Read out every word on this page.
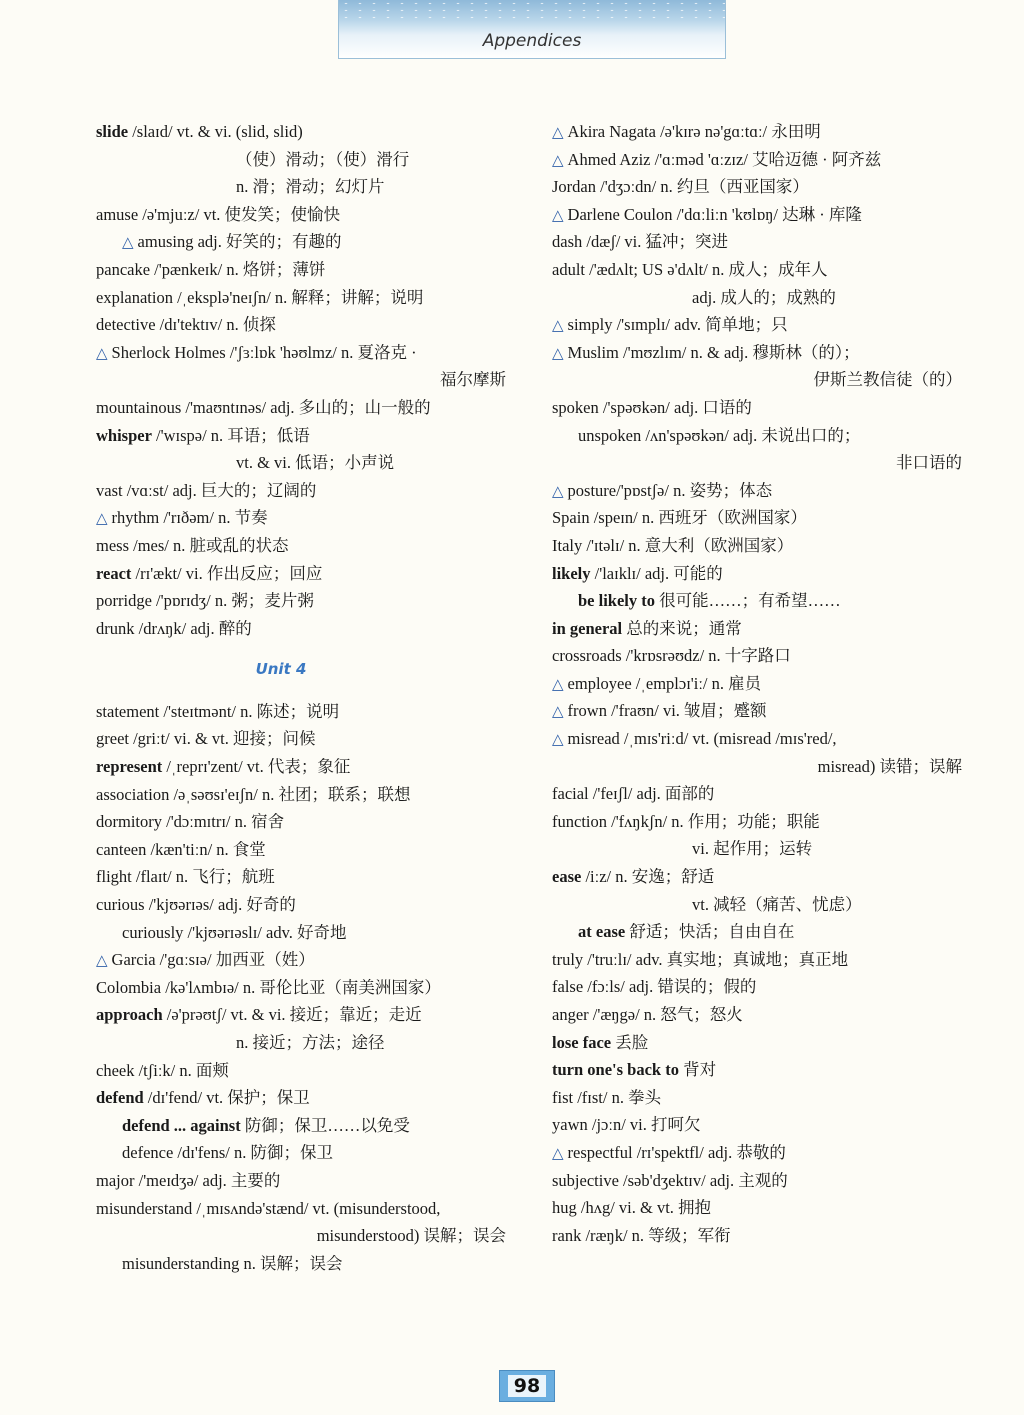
Appendices
slide /slaɪd/ vt. & vi. (slid, slid)
（使）滑动；（使）滑行
n. 滑；滑动；幻灯片
amuse /ə'mjuːz/ vt. 使发笑；使愉快
△ amusing adj. 好笑的；有趣的
pancake /'pænkeɪk/ n. 烙饼；薄饼
explanation /ˌeksplə'neɪʃn/ n. 解释；讲解；说明
detective /dɪ'tektɪv/ n. 侦探
△ Sherlock Holmes /'ʃɜːlɒk 'həʊlmz/ n. 夏洛克 ·
福尔摩斯
mountainous /'maʊntɪnəs/ adj. 多山的；山一般的
whisper /'wɪspə/ n. 耳语；低语
vt. & vi. 低语；小声说
vast /vɑːst/ adj. 巨大的；辽阔的
△ rhythm /'rɪðəm/ n. 节奏
mess /mes/ n. 脏或乱的状态
react /rɪ'ækt/ vi. 作出反应；回应
porridge /'pɒrɪdʒ/ n. 粥；麦片粥
drunk /drʌŋk/ adj. 醉的
Unit 4
statement /'steɪtmənt/ n. 陈述；说明
greet /griːt/ vi. & vt. 迎接；问候
represent /ˌreprɪ'zent/ vt. 代表；象征
association /əˌsəʊsɪ'eɪʃn/ n. 社团；联系；联想
dormitory /'dɔːmɪtrɪ/ n. 宿舍
canteen /kæn'tiːn/ n. 食堂
flight /flaɪt/ n. 飞行；航班
curious /'kjʊərɪəs/ adj. 好奇的
curiously /'kjʊərɪəslɪ/ adv. 好奇地
△ Garcia /'gɑːsɪə/ 加西亚（姓）
Colombia /kə'lʌmbɪə/ n. 哥伦比亚（南美洲国家）
approach /ə'prəʊtʃ/ vt. & vi. 接近；靠近；走近
n. 接近；方法；途径
cheek /tʃiːk/ n. 面颊
defend /dɪ'fend/ vt. 保护；保卫
defend ... against 防御；保卫……以免受
defence /dɪ'fens/ n. 防御；保卫
major /'meɪdʒə/ adj. 主要的
misunderstand /ˌmɪsʌndə'stænd/ vt. (misunderstood,
misunderstood) 误解；误会
misunderstanding n. 误解；误会
△ Akira Nagata /ə'kɪrə nə'gɑːtɑː/ 永田明
△ Ahmed Aziz /'ɑːməd 'ɑːzɪz/ 艾哈迈德 · 阿齐兹
Jordan /'dʒɔːdn/ n. 约旦（西亚国家）
△ Darlene Coulon /'dɑːliːn 'kʊlɒŋ/ 达琳 · 库隆
dash /dæʃ/ vi. 猛冲；突进
adult /'ædʌlt; US ə'dʌlt/ n. 成人；成年人
adj. 成人的；成熟的
△ simply /'sɪmplɪ/ adv. 简单地；只
△ Muslim /'mʊzlɪm/ n. & adj. 穆斯林（的）；
伊斯兰教信徒（的）
spoken /'spəʊkən/ adj. 口语的
unspoken /ʌn'spəʊkən/ adj. 未说出口的；
非口语的
△ posture/'pɒstʃə/ n. 姿势；体态
Spain /speɪn/ n. 西班牙（欧洲国家）
Italy /'ɪtəlɪ/ n. 意大利（欧洲国家）
likely /'laɪklɪ/ adj. 可能的
be likely to 很可能……；有希望……
in general 总的来说；通常
crossroads /'krɒsrəʊdz/ n. 十字路口
△ employee /ˌemplɔɪ'iː/ n. 雇员
△ frown /'fraʊn/ vi. 皱眉；蹙额
△ misread /ˌmɪs'riːd/ vt. (misread /mɪs'red/,
misread) 读错；误解
facial /'feɪʃl/ adj. 面部的
function /'fʌŋkʃn/ n. 作用；功能；职能
vi. 起作用；运转
ease /iːz/ n. 安逸；舒适
vt. 减轻（痛苦、忧虑）
at ease 舒适；快活；自由自在
truly /'truːlɪ/ adv. 真实地；真诚地；真正地
false /fɔːls/ adj. 错误的；假的
anger /'æŋgə/ n. 怒气；怒火
lose face 丢脸
turn one's back to 背对
fist /fɪst/ n. 拳头
yawn /jɔːn/ vi. 打呵欠
△ respectful /rɪ'spektfl/ adj. 恭敬的
subjective /səb'dʒektɪv/ adj. 主观的
hug /hʌg/ vi. & vt. 拥抱
rank /ræŋk/ n. 等级；军衔
98
